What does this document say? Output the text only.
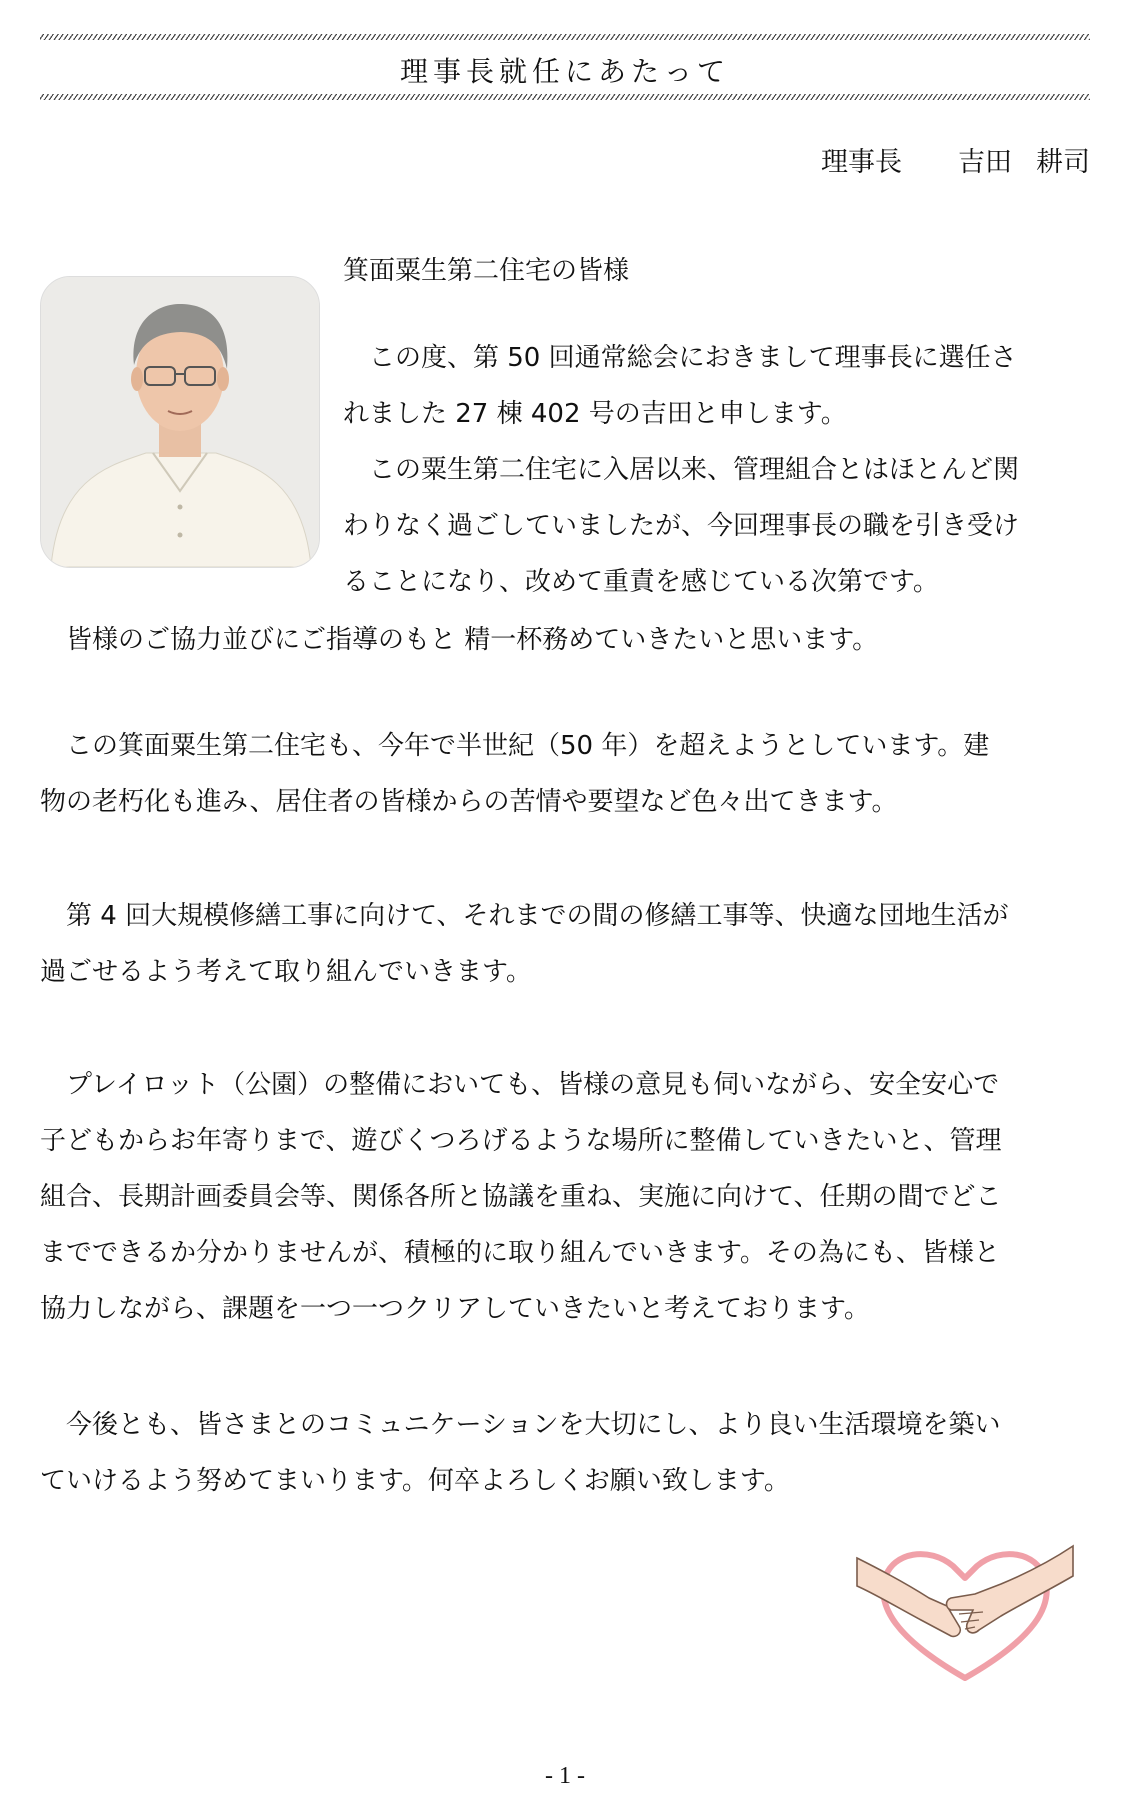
理事長就任にあたって
理事長 吉田 耕司
箕面粟生第二住宅の皆様

この度、第 50 回通常総会におきまして理事長に選任さ
れました 27 棟 402 号の吉田と申します。
この粟生第二住宅に入居以来、管理組合とはほとんど関
わりなく過ごしていましたが、今回理事長の職を引き受け
ることになり、改めて重責を感じている次第です。

皆様のご協力並びにご指導のもと 精一杯務めていきたいと思います。

この箕面粟生第二住宅も、今年で半世紀（50 年）を超えようとしています。建
物の老朽化も進み、居住者の皆様からの苦情や要望など色々出てきます。

第 4 回大規模修繕工事に向けて、それまでの間の修繕工事等、快適な団地生活が
過ごせるよう考えて取り組んでいきます。

プレイロット（公園）の整備においても、皆様の意見も伺いながら、安全安心で
子どもからお年寄りまで、遊びくつろげるような場所に整備していきたいと、管理
組合、長期計画委員会等、関係各所と協議を重ね、実施に向けて、任期の間でどこ
までできるか分かりませんが、積極的に取り組んでいきます。その為にも、皆様と
協力しながら、課題を一つ一つクリアしていきたいと考えております。

今後とも、皆さまとのコミュニケーションを大切にし、より良い生活環境を築い
ていけるよう努めてまいります。何卒よろしくお願い致します。

- 1 -
